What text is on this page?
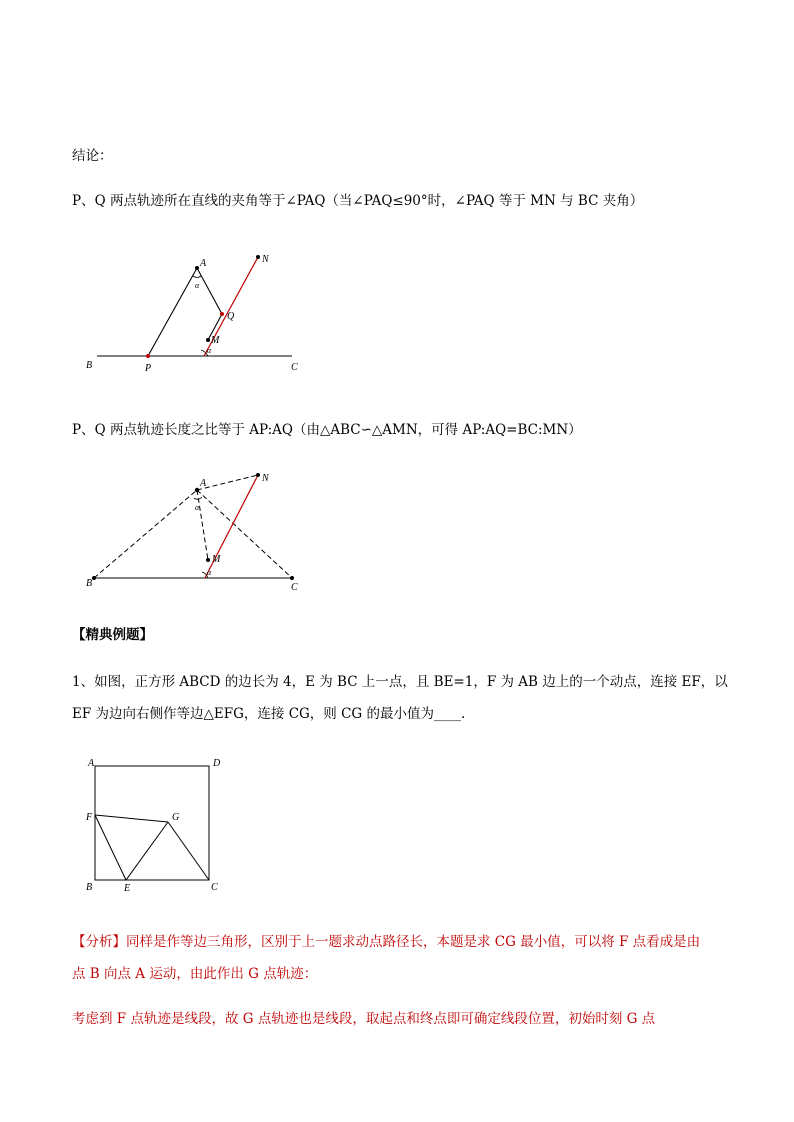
结论：
P、Q 两点轨迹所在直线的夹角等于∠PAQ（当∠PAQ≤90°时，∠PAQ 等于 MN 与 BC 夹角）
P、Q 两点轨迹长度之比等于 AP:AQ（由△ABC∽△AMN，可得 AP:AQ=BC:MN）
【精典例题】
1、如图，正方形 ABCD 的边长为 4，E 为 BC 上一点，且 BE=1，F 为 AB 边上的一个动点，连接 EF，以
EF 为边向右侧作等边△EFG，连接 CG，则 CG 的最小值为____.
【分析】同样是作等边三角形，区别于上一题求动点路径长，本题是求 CG 最小值，可以将 F 点看成是由
点 B 向点 A 运动，由此作出 G 点轨迹：
考虑到 F 点轨迹是线段，故 G 点轨迹也是线段，取起点和终点即可确定线段位置，初始时刻 G 点
A	N
Q
M
B	P	C
α
α
A	N
M
B	C
α
α
A	D
F	G
B	E	C
